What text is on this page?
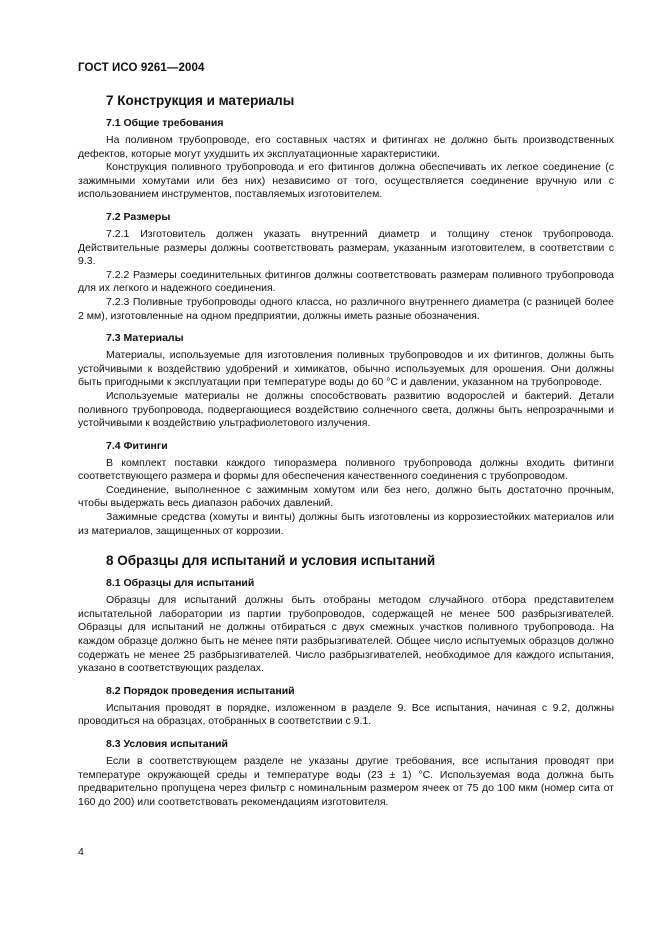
ГОСТ ИСО 9261—2004
7 Конструкция и материалы
7.1 Общие требования

На поливном трубопроводе, его составных частях и фитингах не должно быть производственных дефектов, которые могут ухудшить их эксплуатационные характеристики.

Конструкция поливного трубопровода и его фитингов должна обеспечивать их легкое соединение (с зажимными хомутами или без них) независимо от того, осуществляется соединение вручную или с использованием инструментов, поставляемых изготовителем.

7.2 Размеры

7.2.1 Изготовитель должен указать внутренний диаметр и толщину стенок трубопровода. Действительные размеры должны соответствовать размерам, указанным изготовителем, в соответствии с 9.3.

7.2.2 Размеры соединительных фитингов должны соответствовать размерам поливного трубопровода для их легкого и надежного соединения.

7.2.3 Поливные трубопроводы одного класса, но различного внутреннего диаметра (с разницей более 2 мм), изготовленные на одном предприятии, должны иметь разные обозначения.

7.3 Материалы

Материалы, используемые для изготовления поливных трубопроводов и их фитингов, должны быть устойчивыми к воздействию удобрений и химикатов, обычно используемых для орошения. Они должны быть пригодными к эксплуатации при температуре воды до 60 °C и давлении, указанном на трубопроводе.

Используемые материалы не должны способствовать развитию водорослей и бактерий. Детали поливного трубопровода, подвергающиеся воздействию солнечного света, должны быть непрозрачными и устойчивыми к воздействию ультрафиолетового излучения.

7.4 Фитинги

В комплект поставки каждого типоразмера поливного трубопровода должны входить фитинги соответствующего размера и формы для обеспечения качественного соединения с трубопроводом.

Соединение, выполненное с зажимным хомутом или без него, должно быть достаточно прочным, чтобы выдержать весь диапазон рабочих давлений.

Зажимные средства (хомуты и винты) должны быть изготовлены из коррозиестойких материалов или из материалов, защищенных от коррозии.

8 Образцы для испытаний и условия испытаний
8.1 Образцы для испытаний

Образцы для испытаний должны быть отобраны методом случайного отбора представителем испытательной лаборатории из партии трубопроводов, содержащей не менее 500 разбрызгивателей. Образцы для испытаний не должны отбираться с двух смежных участков поливного трубопровода. На каждом образце должно быть не менее пяти разбрызгивателей. Общее число испытуемых образцов должно содержать не менее 25 разбрызгивателей. Число разбрызгивателей, необходимое для каждого испытания, указано в соответствующих разделах.

8.2 Порядок проведения испытаний

Испытания проводят в порядке, изложенном в разделе 9. Все испытания, начиная с 9.2, должны проводиться на образцах, отобранных в соответствии с 9.1.

8.3 Условия испытаний

Если в соответствующем разделе не указаны другие требования, все испытания проводят при температуре окружающей среды и температуре воды (23 ± 1) °C. Используемая вода должна быть предварительно пропущена через фильтр с номинальным размером ячеек от 75 до 100 мкм (номер сита от 160 до 200) или соответствовать рекомендациям изготовителя.

4
